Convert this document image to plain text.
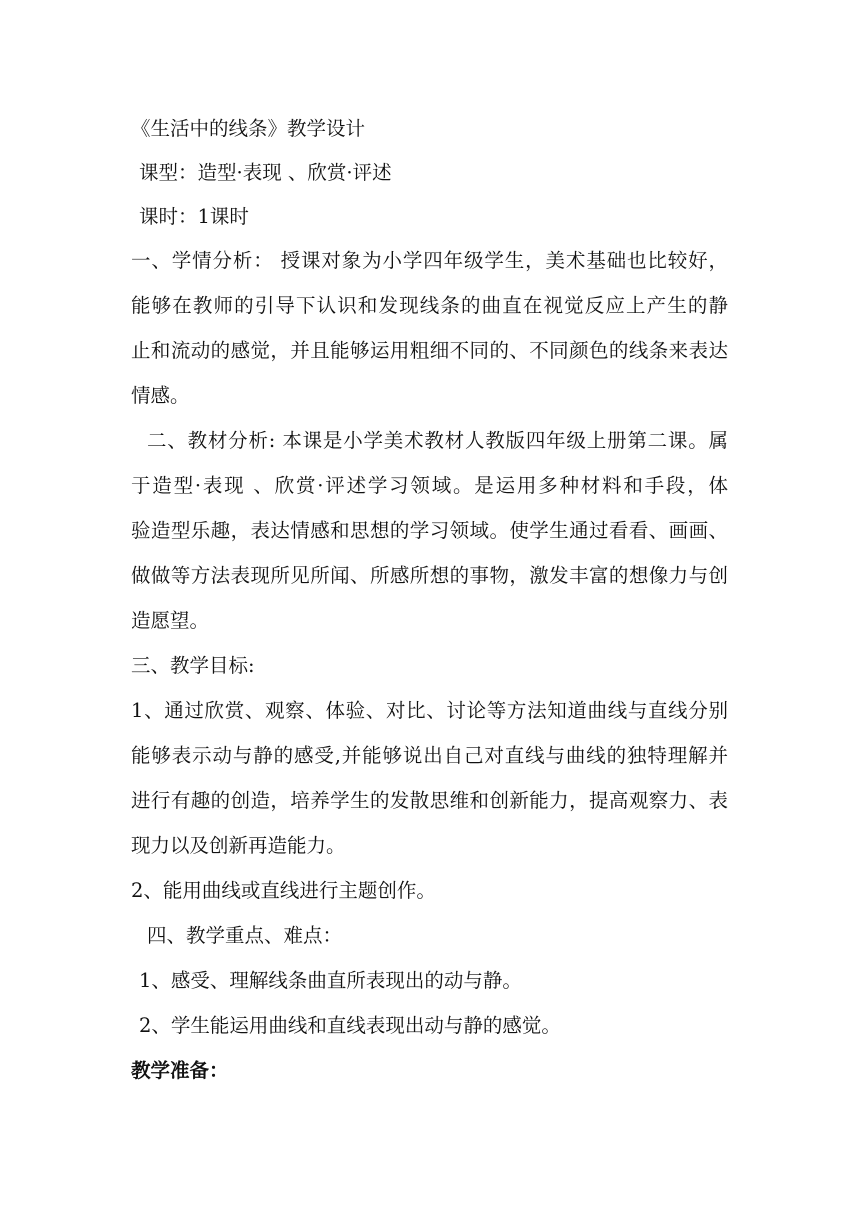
《生活中的线条》教学设计
课型：造型·表现 、欣赏·评述
课时：1课时
一、学情分析： 授课对象为小学四年级学生，美术基础也比较好，
能够在教师的引导下认识和发现线条的曲直在视觉反应上产生的静
止和流动的感觉，并且能够运用粗细不同的、不同颜色的线条来表达
情感。
二、教材分析: 本课是小学美术教材人教版四年级上册第二课。属
于造型·表现 、欣赏·评述学习领域。是运用多种材料和手段，体
验造型乐趣，表达情感和思想的学习领域。使学生通过看看、画画、
做做等方法表现所见所闻、所感所想的事物，激发丰富的想像力与创
造愿望。
三、教学目标:
1、通过欣赏、观察、体验、对比、讨论等方法知道曲线与直线分别
能够表示动与静的感受,并能够说出自己对直线与曲线的独特理解并
进行有趣的创造，培养学生的发散思维和创新能力，提高观察力、表
现力以及创新再造能力。
2、能用曲线或直线进行主题创作。
四、教学重点、难点：
1、感受、理解线条曲直所表现出的动与静。
2、学生能运用曲线和直线表现出动与静的感觉。
教学准备：
